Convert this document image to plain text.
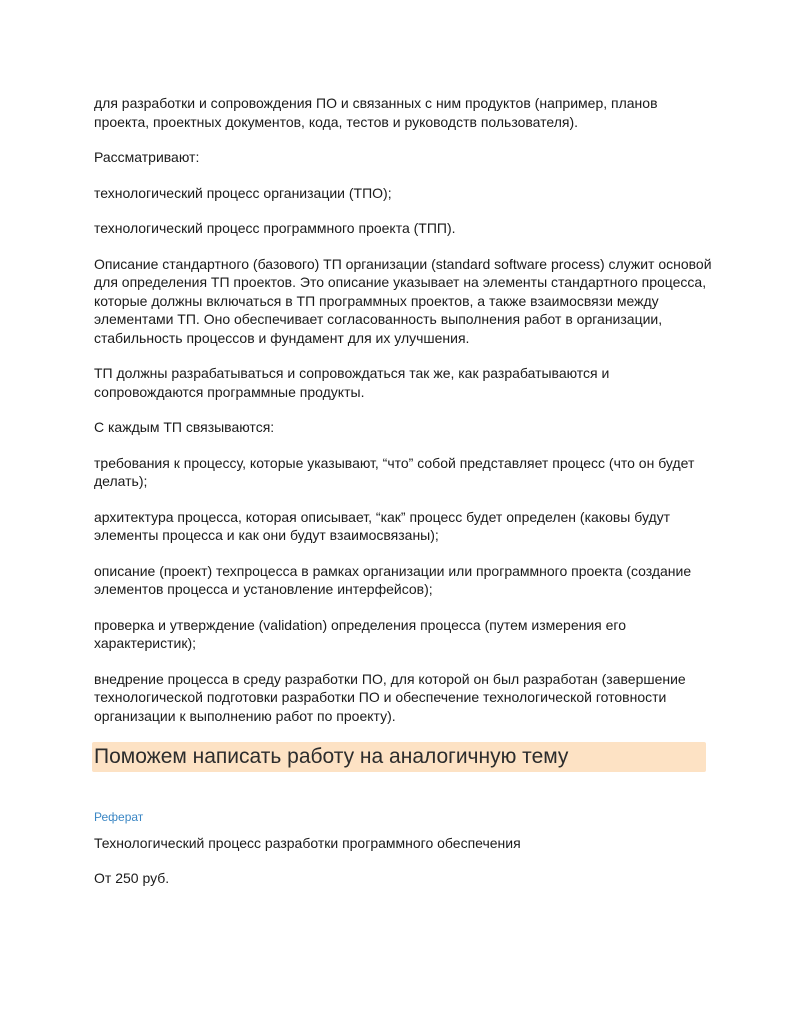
для разработки и сопровождения ПО и связанных с ним продуктов (например, планов проекта, проектных документов, кода, тестов и руководств пользователя).

Рассматривают:

технологический процесс организации (ТПО);

технологический процесс программного проекта (ТПП).

Описание стандартного (базового) ТП организации (standard software process) служит основой для определения ТП проектов. Это описание указывает на элементы стандартного процесса, которые должны включаться в ТП программных проектов, а также взаимосвязи между элементами ТП. Оно обеспечивает согласованность выполнения работ в организации, стабильность процессов и фундамент для их улучшения.

ТП должны разрабатываться и сопровождаться так же, как разрабатываются и сопровождаются программные продукты.

С каждым ТП связываются:

требования к процессу, которые указывают, “что” собой представляет процесс (что он будет делать);

архитектура процесса, которая описывает, “как” процесс будет определен (каковы будут элементы процесса и как они будут взаимосвязаны);

описание (проект) техпроцесса в рамках организации или программного проекта (создание элементов процесса и установление интерфейсов);

проверка и утверждение (validation) определения процесса (путем измерения его характеристик);

внедрение процесса в среду разработки ПО, для которой он был разработан (завершение технологической подготовки разработки ПО и обеспечение технологической готовности организации к выполнению работ по проекту).

Поможем написать работу на аналогичную тему
Реферат
Технологический процесс разработки программного обеспечения
От 250 руб.
